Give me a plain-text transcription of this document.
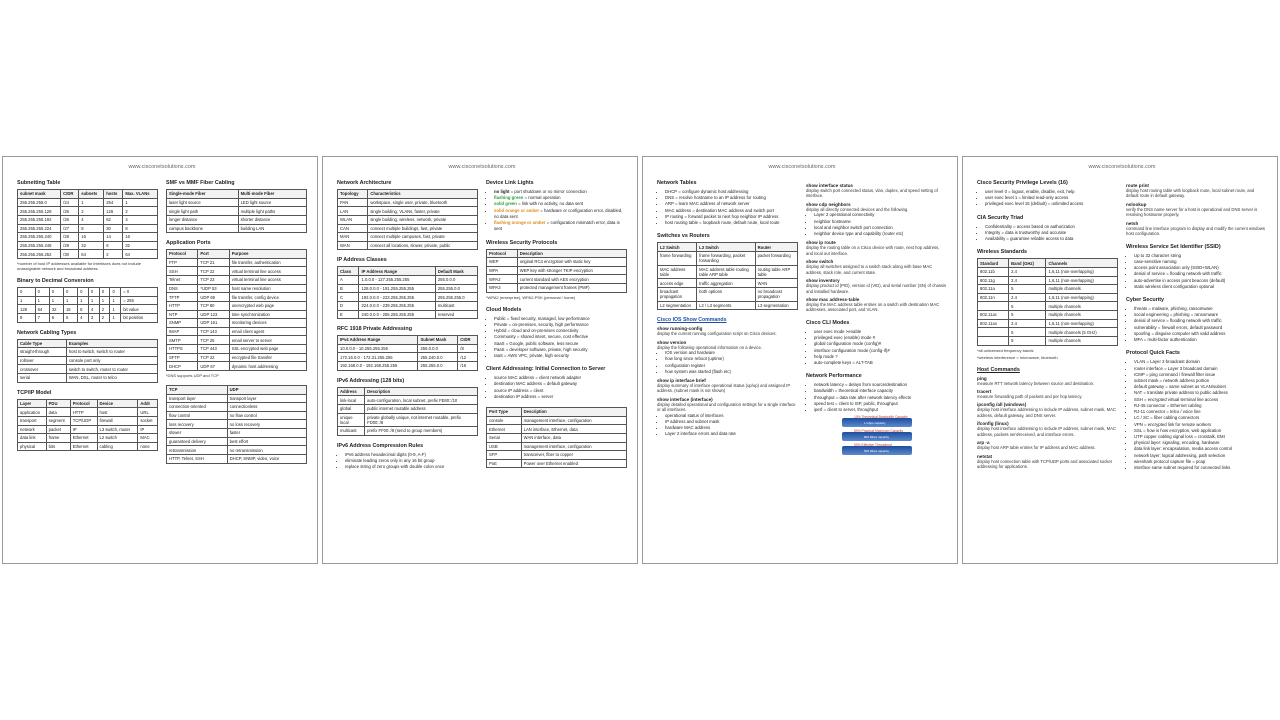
www.cisconetsolutions.com
Subnetting Table
subnet mask	CIDR	subnets	hosts	Max. VLANs
255.255.255.0	/24	1	254	1
255.255.255.128	/25	2	126	2
255.255.255.192	/26	4	62	4
255.255.255.224	/27	8	30	8
255.255.255.240	/28	16	14	16
255.255.255.248	/29	32	6	32
255.255.255.252	/30	64	2	64
*number of host IP addresses available for interfaces does not include unassignable network and broadcast address.
Binary to Decimal Conversion
0	0	0	0	0	0	0	0	= 0
1	1	1	1	1	1	1	1	= 255
128	64	32	16	8	4	2	1	bit value
8	7	6	5	4	3	2	1	bit position
Network Cabling Types
Cable Type	Examples
straight-through	host to switch, switch to router
rollover	console port only
crossover	switch to switch, router to router
serial	WAN, DSL, router to telco
TCP/IP Model
Layer	PDU	Protocol	Device	Addr
application	data	HTTP	host	URL
transport	segment	TCP/UDP	firewall	socket
network	packet	IP	L3 switch, router	IP
data link	frame	Ethernet	L2 switch	MAC
physical	bits	Ethernet	cabling	none
SMF vs MMF Fiber Cabling
Single-mode Fiber	Multi-mode Fiber
laser light source	LED light source
single light path	multiple light paths
longer distance	shorter distance
campus backbone	building LAN
Application Ports
Protocol	Port	Purpose
FTP	TCP 21	file transfer, authentication
SSH	TCP 22	virtual terminal line access
Telnet	TCP 23	virtual terminal line access
DNS	*UDP 53	host name resolution
TFTP	UDP 69	file transfer, config device
HTTP	TCP 80	unencrypted web page
NTP	UDP 123	time synchronization
SNMP	UDP 161	monitoring devices
IMAP	TCP 143	email client agent
SMTP	TCP 25	email server to server
HTTPS	TCP 443	SSL encrypted web page
SFTP	TCP 22	encrypted file transfer
DHCP	UDP 67	dynamic host addressing
*DNS supports UDP and TCP
TCP	UDP
transport layer	transport layer
connection-oriented	connectionless
flow control	no flow control
loss recovery	no loss recovery
slower	faster
guaranteed delivery	best effort
retransmission	no retransmission
HTTP, Telnet, SSH	DHCP, SNMP, video, voice
www.cisconetsolutions.com
Network Architecture
Topology	Characteristics
PAN	workspace, single user, private, bluetooth
LAN	single building, VLANs, faster, private
WLAN	single building, wireless, network, private
CAN	connect multiple buildings, fast, private
MAN	connect multiple campuses, fast, private
WAN	connect all locations, slower, private, public
IP Address Classes
Class	IP Address Range	Default Mask
A	1.0.0.0 - 127.255.255.255	255.0.0.0
B	128.0.0.0 - 191.255.255.255	255.255.0.0
C	192.0.0.0 - 223.255.255.255	255.255.255.0
D	224.0.0.0 - 239.255.255.255	multicast
E	240.0.0.0 - 255.255.255.255	reserved
RFC 1918 Private Addressing
IPv4 Address Range	Subnet Mask	CIDR
10.0.0.0 - 10.255.255.255	255.0.0.0	/8
172.16.0.0 - 172.31.255.255	255.240.0.0	/12
192.168.0.0 - 192.168.255.255	255.255.0.0	/16
IPv6 Addressing (128 bits)
Address	Description
link-local	auto-configuration, local subnet, prefix FE80::/10
global	public internet routable address
unique local	private globally unique, not internet routable, prefix FD00::/8
multicast	prefix FF00::/8 (send to group members)
IPv6 Address Compression Rules
• IPv6 address hexadecimal digits (0-9, A-F)
• eliminate leading zeros only in any 16 bit group
• replace string of zero groups with double colon once
Device Link Lights
• no light = port shutdown or no mirror connection
• flashing green = normal operation
• solid green = link with no activity, no data sent
• solid orange or amber = hardware or configuration error, disabled, no data sent
• flashing orange or amber = configuration mismatch error, data is sent
Wireless Security Protocols
Protocol	Description
WEP	original RC4 encryption with static key
WPA	WEP key with stronger TKIP encryption
WPA2	current standard with AES encryption
WPA3	protected management frames (PMF)
*WPA2 (enterprise), WPA2-PSK (personal / home)
Cloud Models
• Public = fixed security, managed, low performance
• Private = on-premises, security, high performance
• Hybrid = cloud and on-premises connectivity
• Community = shared intent, secure, cost effective
• SaaS = Google, public software, less secure
• PaaS = developer software, private, high security
• IaaS = AWS VPC, private, high security
Client Addressing: Initial Connection to Server
• source MAC address = client network adapter
• destination MAC address = default gateway
• source IP address = client
• destination IP address = server
Port Type	Description
console	management interface, configuration
Ethernet	LAN interface, Ethernet, data
Serial	WAN interface, data
USB	management interface, configuration
SFP	transceiver, fiber to copper
PoE	Power over Ethernet enabled
www.cisconetsolutions.com
Network Tables
• DHCP = configure dynamic host addressing
• DNS = resolve hostname to an IP address for routing
• ARP = learn MAC address of network server
• MAC address = destination MAC address and switch port
• IP routing = forward packet to next hop neighbor IP address
• host routing table = loopback route, default route, local route
Switches vs Routers
L2 Switch	L3 Switch	Router
frame forwarding	frame forwarding, packet forwarding	packet forwarding
MAC address table	MAC address table routing table ARP table	routing table ARP table
access edge	traffic aggregation	WAN
broadcast propagation	both options	no broadcast propagation
L2 segmentation	L2 / L3 segments	L3 segmentation
Cisco IOS Show Commands
show running-config
display the current running configuration script on Cisco devices.
show version
display the following operational information on a device.
• IOS version and hardware
• how long since reboot (uptime)
• configuration register
• how system was started (flash etc)
show ip interface brief
display summary of interface operational status (up/up) and assigned IP address. (subnet mask is not shown)
show interface (interface)
display detailed operational and configuration settings for a single interface or all interfaces.
• operational status of interfaces
• IP address and subnet mask
• hardware MAC address
• Layer 2 interface errors and data rate
show interface status
display switch port connected status, vlan, duplex, and speed setting of interface.
show cdp neighbors
display all directly connected devices and the following.
• Layer 2 operational connectivity
• neighbor hostname
• local and neighbor switch port connection
• neighbor device type and capability (router etc)
show ip route
display the routing table on a Cisco device with route, next hop address, and local out interface.
show switch
display all switches assigned to a switch stack along with base MAC address, stack role, and current state.
show inventory
display product id (PID), version id (VID), and serial number (SN) of chassis and installed hardware.
show mac address-table
display the MAC address table entries on a switch with destination MAC addresses, associated port, and VLAN.
Cisco CLI Modes
• user exec mode >enable
• privileged exec (enable) mode #
• global configuration mode (config)#
• interface configuration mode (config-if)#
• help mode ?
• auto-complete keys = ALT-TAB
Network Performance
• network latency = delays from source/destination
• bandwidth = theoretical interface capacity
• throughput = data rate after network latency effects
• speed test = client to ISP, public, throughput
• iperf = client to server, throughput
10% Theoretical Bandwidth Capacity
1 Gbps capacity
80% Practical Maximum Capacity
800 Mbps capacity
50% Effective Throughput
500 Mbps capacity
www.cisconetsolutions.com
Cisco Security Privilege Levels (16)
• user level 0 = logout, enable, disable, exit, help
• user exec level 1 = limited read-only access
• privileged exec level 15 (default) = unlimited access
CIA Security Triad
• Confidentiality = access based on authorization
• Integrity = data is trustworthy and accurate
• Availability = guarantee reliable access to data
Wireless Standards
Standard	Band (GHz)	Channels
802.11b	2.4	1,6,11 (non-overlapping)
802.11g	2.4	1,6,11 (non-overlapping)
802.11a	5	multiple channels
802.11n	2.4	1,6,11 (non-overlapping)
	5	multiple channels
802.11ac	5	multiple channels
802.11ax	2.4	1,6,11 (non-overlapping)
	5	multiple channels (5 GHz)
	6	multiple channels
*all unlicensed frequency bands
*wireless interference = microwave, bluetooth
Host Commands
ping
measure RTT network latency between source and destination.
tracert
measure forwarding path of packets and per hop latency.
ipconfig /all (windows)
display host interface addressing to include IP address, subnet mask, MAC address, default gateway, and DNS server.
ifconfig (linux)
display host interface addressing to include IP address, subnet mask, MAC address, packets sent/received, and interface errors.
arp -a
display host ARP table entries for IP address and MAC address.
netstat
display host connection table with TCP/UDP ports and associated socket addressing for applications.
route print
display host routing table with loopback route, local subnet route, and default route in default gateway.
nslookup
verify the DNS name server for a host is operational and DNS server is resolving hostname properly.
netsh
command line interface program to display and modify the current windows host configuration.
Wireless Service Set Identifier (SSID)
• Up to 32 character string
• case-sensitive naming
• access point association only (SSID+WLAN)
• denial of service = flooding network with traffic
• auto-advertise in access point beacons (default)
• static wireless client configuration optional
Cyber Security
• threats = malware, phishing, ransomware
• social engineering = phishing = ransomware
• denial of service = flooding network with traffic
• vulnerability = firewall errors, default password
• spoofing = disguise computer with valid address
• MFA = multi-factor authentication
Protocol Quick Facts
• VLAN = Layer 2 broadcast domain
• router interface = Layer 3 broadcast domain
• ICMP = ping command / firewall filter issue
• subnet mask = network address portion
• default gateway = same subnet as VLAN/subnet
• NAT = translate private address to public address
• SSH = encrypted virtual terminal line access
• RJ-45 connector = Ethernet cabling
• RJ-11 connector = telco / voice line
• LC / SC = fiber cabling connectors
• VPN = encrypted link for remote workers
• SSL = how is how encryption, web application
• UTP copper cabling signal loss = crosstalk, EMI
• physical layer: signaling, encoding, hardware
• data link layer: encapsulation, media access control
• network layer: logical addressing, path selection
• wireshark protocol capture file = pcap
• interface same subnet required for connected links
